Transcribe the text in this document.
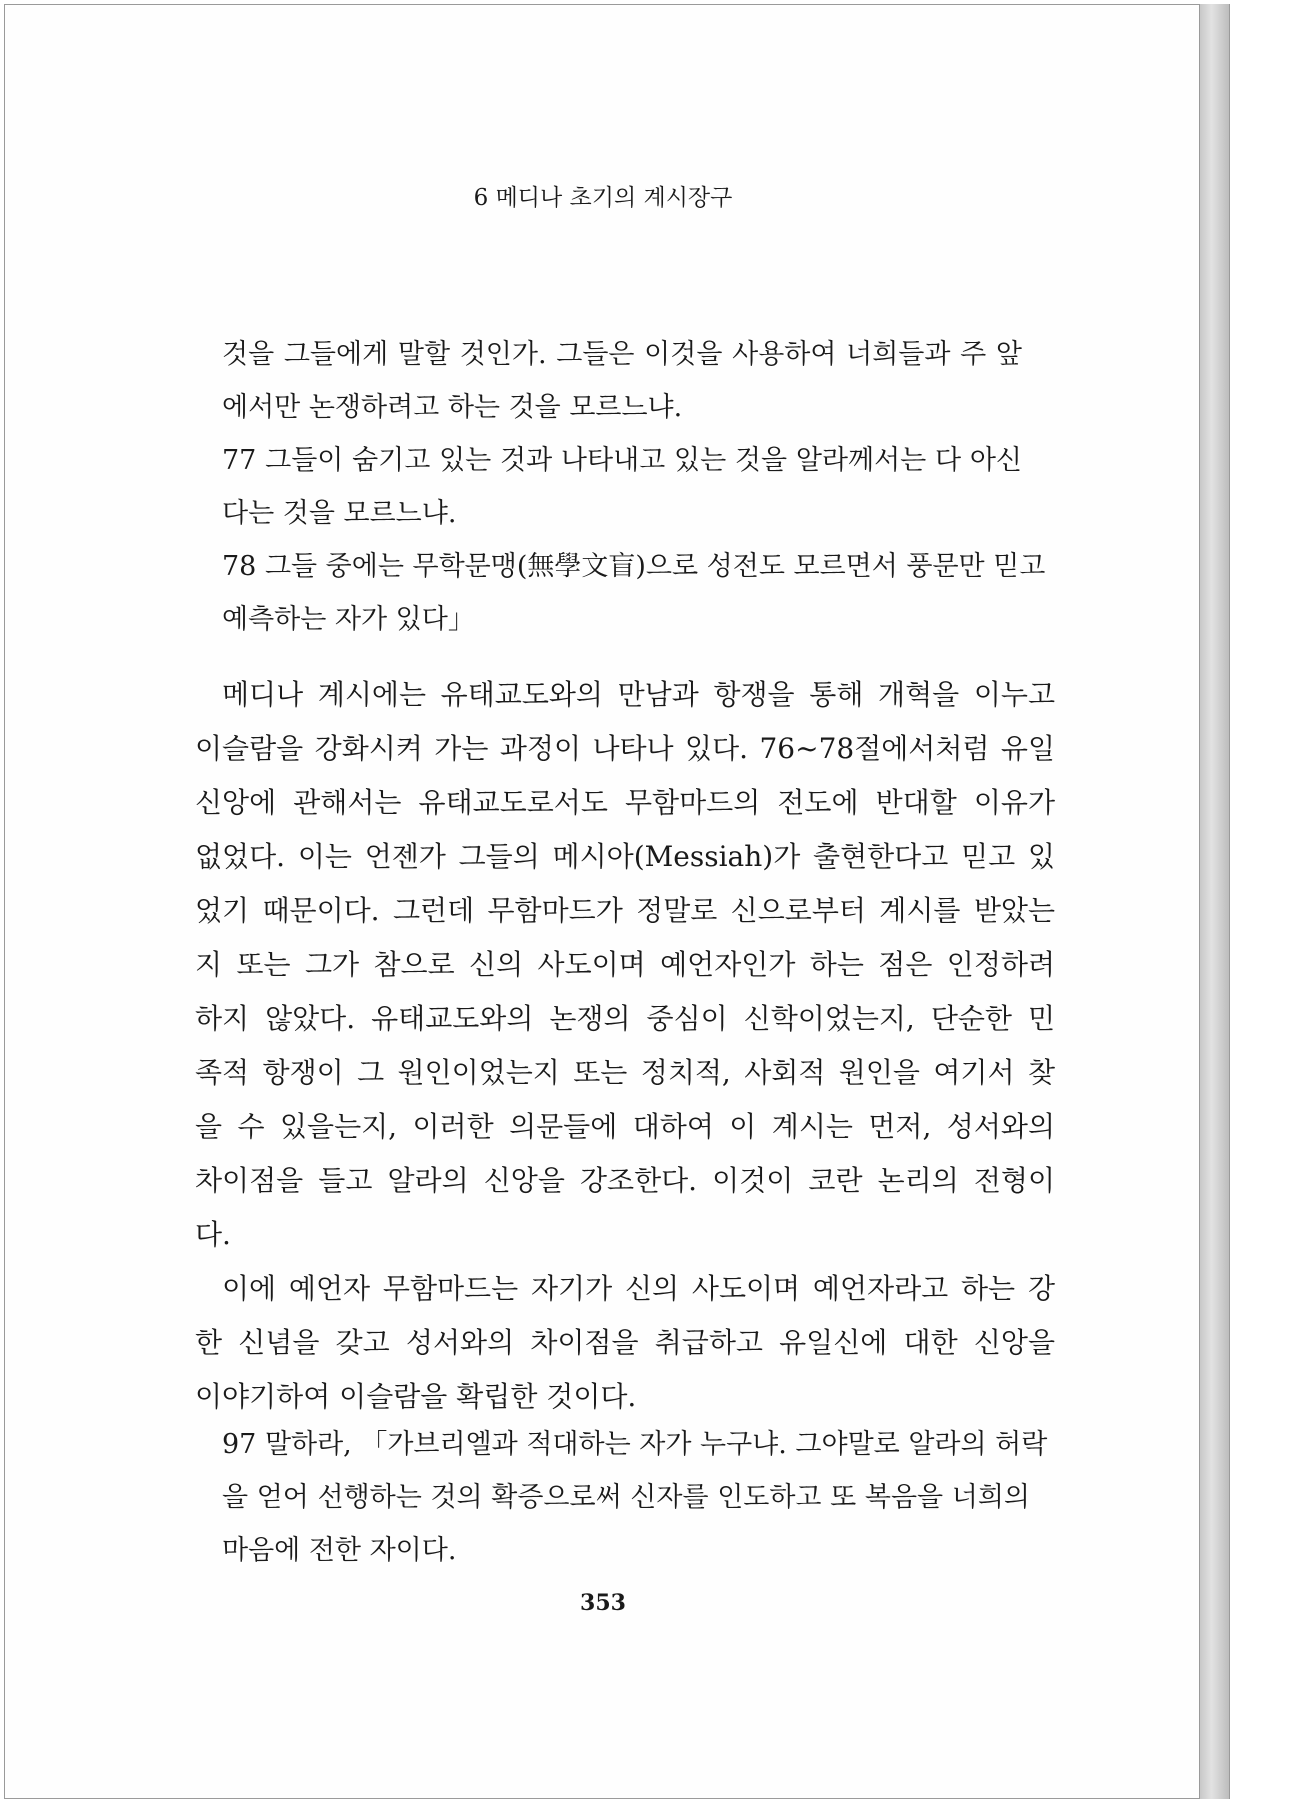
6 메디나 초기의 계시장구
것을 그들에게 말할 것인가. 그들은 이것을 사용하여 너희들과 주 앞
에서만 논쟁하려고 하는 것을 모르느냐.
77 그들이 숨기고 있는 것과 나타내고 있는 것을 알라께서는 다 아신
다는 것을 모르느냐.
78 그들 중에는 무학문맹(無學文盲)으로 성전도 모르면서 풍문만 믿고
예측하는 자가 있다」
메디나 계시에는 유태교도와의 만남과 항쟁을 통해 개혁을 이누고
이슬람을 강화시켜 가는 과정이 나타나 있다. 76~78절에서처럼 유일
신앙에 관해서는 유태교도로서도 무함마드의 전도에 반대할 이유가
없었다. 이는 언젠가 그들의 메시아(Messiah)가 출현한다고 믿고 있
었기 때문이다. 그런데 무함마드가 정말로 신으로부터 계시를 받았는
지 또는 그가 참으로 신의 사도이며 예언자인가 하는 점은 인정하려
하지 않았다. 유태교도와의 논쟁의 중심이 신학이었는지, 단순한 민
족적 항쟁이 그 원인이었는지 또는 정치적, 사회적 원인을 여기서 찾
을 수 있을는지, 이러한 의문들에 대하여 이 계시는 먼저, 성서와의
차이점을 들고 알라의 신앙을 강조한다. 이것이 코란 논리의 전형이
다.
이에 예언자 무함마드는 자기가 신의 사도이며 예언자라고 하는 강
한 신념을 갖고 성서와의 차이점을 취급하고 유일신에 대한 신앙을
이야기하여 이슬람을 확립한 것이다.
97 말하라, 「가브리엘과 적대하는 자가 누구냐. 그야말로 알라의 허락
을 얻어 선행하는 것의 확증으로써 신자를 인도하고 또 복음을 너희의
마음에 전한 자이다.
353
